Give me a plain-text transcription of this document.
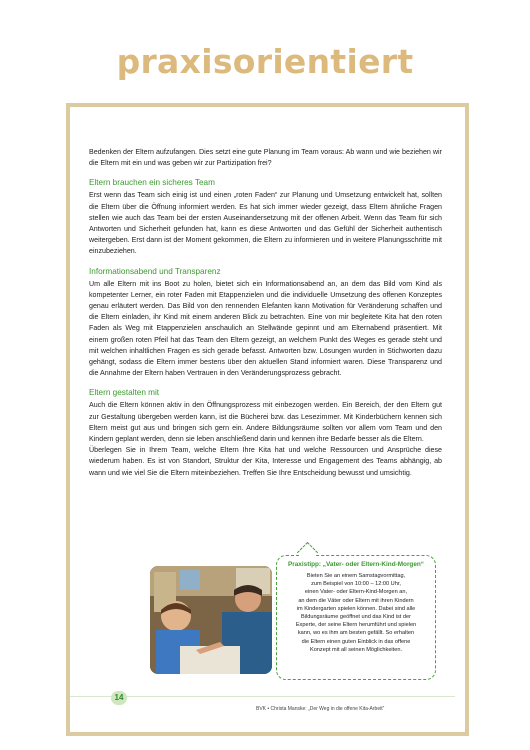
praxisorientiert

Bedenken der Eltern aufzufangen. Dies setzt eine gute Planung im Team voraus: Ab wann und wie beziehen wir die Eltern mit ein und was geben wir zur Partizipation frei?

Eltern brauchen ein sicheres Team

Erst wenn das Team sich einig ist und einen „roten Faden“ zur Planung und Umsetzung entwickelt hat, sollten die Eltern über die Öffnung informiert werden. Es hat sich immer wieder gezeigt, dass Eltern ähnliche Fragen stellen wie auch das Team bei der ersten Auseinandersetzung mit der offenen Arbeit. Wenn das Team für sich Antworten und Sicherheit gefunden hat, kann es diese Antworten und das Gefühl der Sicherheit authentisch weitergeben. Erst dann ist der Moment gekommen, die Eltern zu informieren und in weitere Planungsschritte mit einzubeziehen.

Informationsabend und Transparenz

Um alle Eltern mit ins Boot zu holen, bietet sich ein Informationsabend an, an dem das Bild vom Kind als kompetenter Lerner, ein roter Faden mit Etappenzielen und die individuelle Umsetzung des offenen Konzeptes genau erläutert werden. Das Bild von den rennenden Elefanten kann Motivation für Veränderung schaffen und die Eltern einladen, ihr Kind mit einem anderen Blick zu betrachten. Eine von mir begleitete Kita hat den roten Faden als Weg mit Etappenzielen anschaulich an Stellwände gepinnt und am Elternabend präsentiert. Mit einem großen roten Pfeil hat das Team den Eltern gezeigt, an welchem Punkt des Weges es gerade steht und mit welchen inhaltlichen Fragen es sich gerade befasst. Antworten bzw. Lösungen wurden in Stichworten dazu gehängt, sodass die Eltern immer bestens über den aktuellen Stand informiert waren. Diese Transparenz und die Annahme der Eltern haben Vertrauen in den Veränderungsprozess gebracht.

Eltern gestalten mit

Auch die Eltern können aktiv in den Öffnungsprozess mit einbezogen werden. Ein Bereich, der den Eltern gut zur Gestaltung übergeben werden kann, ist die Bücherei bzw. das Lesezimmer. Mit Kinderbüchern kennen sich Eltern meist gut aus und bringen sich gern ein. Andere Bildungsräume sollten vor allem vom Team und den Kindern geplant werden, denn sie leben anschließend darin und kennen ihre Bedarfe besser als die Eltern.

Überlegen Sie in Ihrem Team, welche Eltern Ihre Kita hat und welche Ressourcen und Ansprüche diese wiederum haben. Es ist von Standort, Struktur der Kita, Interesse und Engagement des Teams abhängig, ab wann und wie viel Sie die Eltern miteinbeziehen. Treffen Sie Ihre Entscheidung bewusst und umsichtig.

Praxistipp: „Vater- oder Eltern-Kind-Morgen“
Bieten Sie an einem Samstagvormittag,
zum Beispiel von 10:00 – 12:00 Uhr,
einen Vater- oder Eltern-Kind-Morgen an,
an dem die Väter oder Eltern mit ihren Kindern
im Kindergarten spielen können. Dabei sind alle
Bildungsräume geöffnet und das Kind ist der
Experte, der seine Eltern herumführt und spielen
kann, wo es ihm am besten gefällt. So erhalten
die Eltern einen guten Einblick in das offene
Konzept mit all seinen Möglichkeiten.
14
BVK • Christa Manske: „Der Weg in die offene Kita-Arbeit“
